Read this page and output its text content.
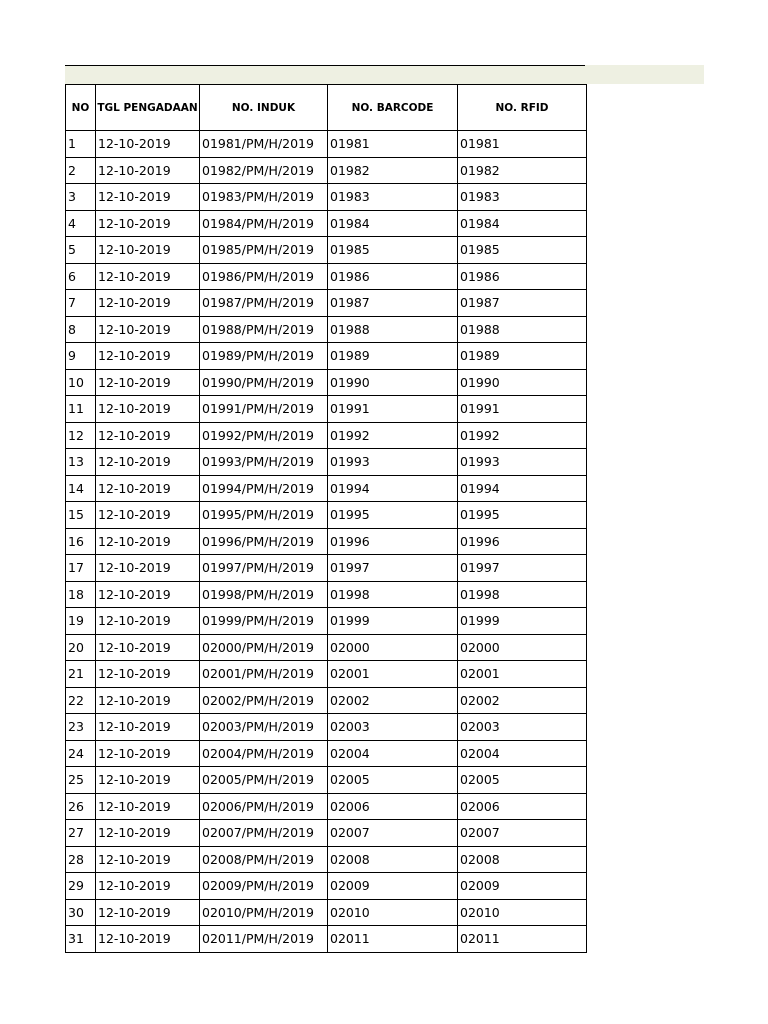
NO	TGL PENGADAAN	NO. INDUK	NO. BARCODE	NO. RFID
1	12-10-2019	01981/PM/H/2019	01981	01981
2	12-10-2019	01982/PM/H/2019	01982	01982
3	12-10-2019	01983/PM/H/2019	01983	01983
4	12-10-2019	01984/PM/H/2019	01984	01984
5	12-10-2019	01985/PM/H/2019	01985	01985
6	12-10-2019	01986/PM/H/2019	01986	01986
7	12-10-2019	01987/PM/H/2019	01987	01987
8	12-10-2019	01988/PM/H/2019	01988	01988
9	12-10-2019	01989/PM/H/2019	01989	01989
10	12-10-2019	01990/PM/H/2019	01990	01990
11	12-10-2019	01991/PM/H/2019	01991	01991
12	12-10-2019	01992/PM/H/2019	01992	01992
13	12-10-2019	01993/PM/H/2019	01993	01993
14	12-10-2019	01994/PM/H/2019	01994	01994
15	12-10-2019	01995/PM/H/2019	01995	01995
16	12-10-2019	01996/PM/H/2019	01996	01996
17	12-10-2019	01997/PM/H/2019	01997	01997
18	12-10-2019	01998/PM/H/2019	01998	01998
19	12-10-2019	01999/PM/H/2019	01999	01999
20	12-10-2019	02000/PM/H/2019	02000	02000
21	12-10-2019	02001/PM/H/2019	02001	02001
22	12-10-2019	02002/PM/H/2019	02002	02002
23	12-10-2019	02003/PM/H/2019	02003	02003
24	12-10-2019	02004/PM/H/2019	02004	02004
25	12-10-2019	02005/PM/H/2019	02005	02005
26	12-10-2019	02006/PM/H/2019	02006	02006
27	12-10-2019	02007/PM/H/2019	02007	02007
28	12-10-2019	02008/PM/H/2019	02008	02008
29	12-10-2019	02009/PM/H/2019	02009	02009
30	12-10-2019	02010/PM/H/2019	02010	02010
31	12-10-2019	02011/PM/H/2019	02011	02011
